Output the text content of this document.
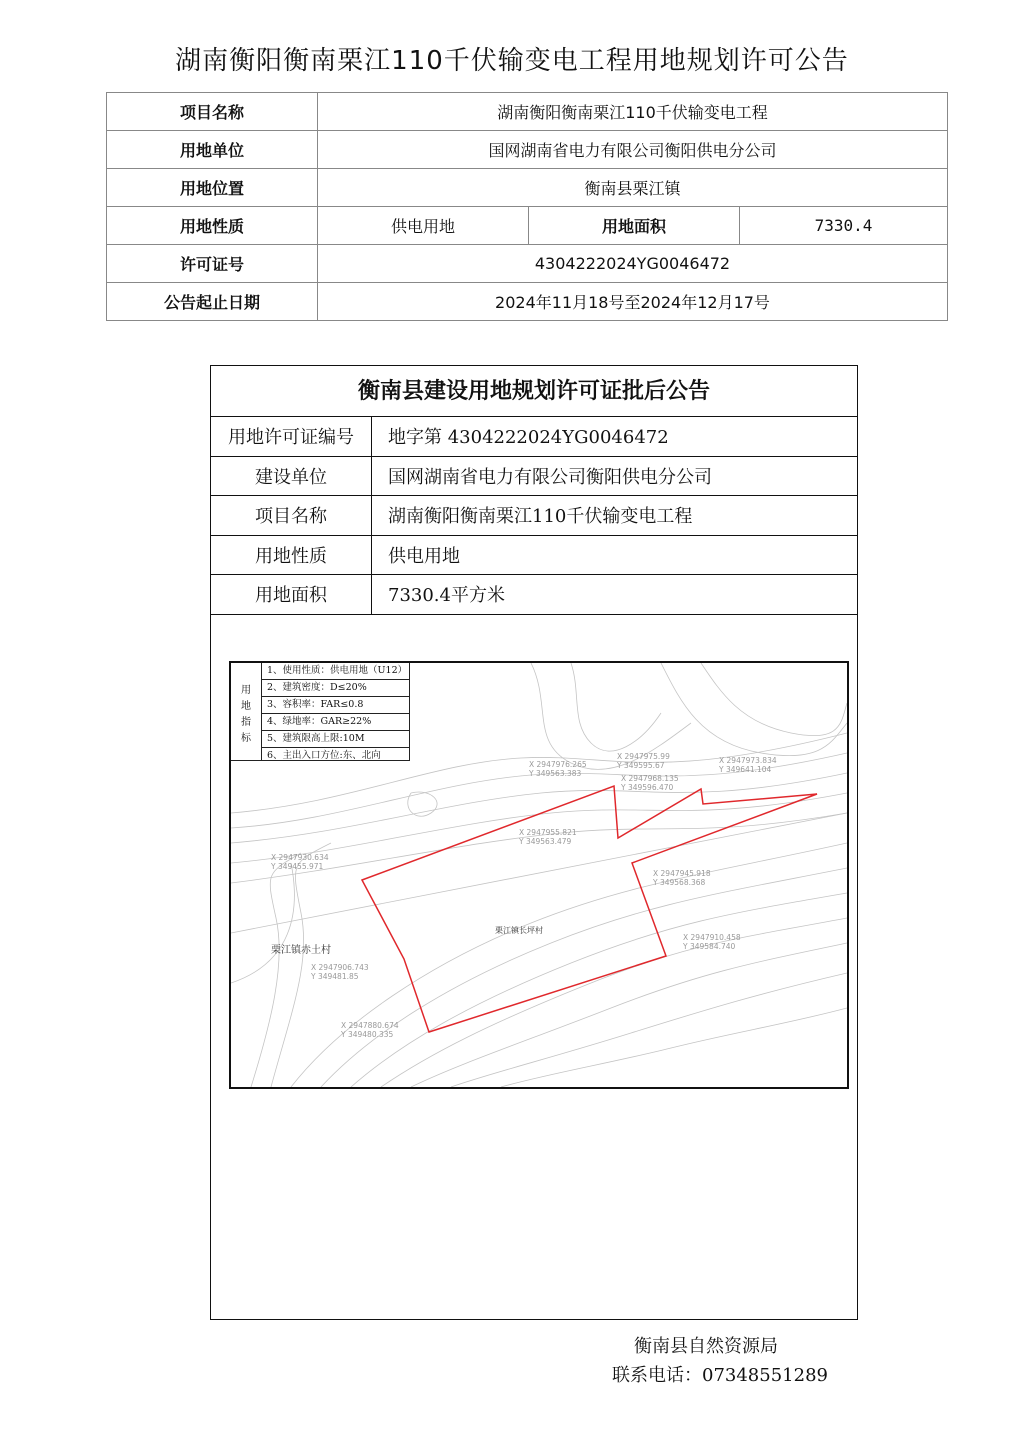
湖南衡阳衡南栗江110千伏输变电工程用地规划许可公告
项目名称	湖南衡阳衡南栗江110千伏输变电工程		
用地单位	国网湖南省电力有限公司衡阳供电分公司		
用地位置	衡南县栗江镇		
用地性质	供电用地	用地面积	7330.4
许可证号	4304222024YG0046472		
公告起止日期	2024年11月18号至2024年12月17号		
衡南县建设用地规划许可证批后公告
用地许可证编号	地字第 4304222024YG0046472
建设单位	国网湖南省电力有限公司衡阳供电分公司
项目名称	湖南衡阳衡南栗江110千伏输变电工程
用地性质	供电用地
用地面积	7330.4平方米
用
地
指
标
1、使用性质：供电用地（U12）
2、建筑密度：D≤20%
3、容积率：FAR≤0.8
4、绿地率：GAR≥22%
5、建筑限高上限:10M
6、主出入口方位:东、北向
栗江镇赤土村
栗江镇长坪村
X 2947976.265
Y 349563.383
X 2947975.99
Y 349595.67
X 2947968.135
Y 349596.470
X 2947973.834
Y 349641.104
X 2947955.821
Y 349563.479
X 2947930.634
Y 349455.971
X 2947945.918
Y 349568.368
X 2947910.458
Y 349584.740
X 2947906.743
Y 349481.85
X 2947880.674
Y 349480.335
衡南县自然资源局
联系电话：07348551289
